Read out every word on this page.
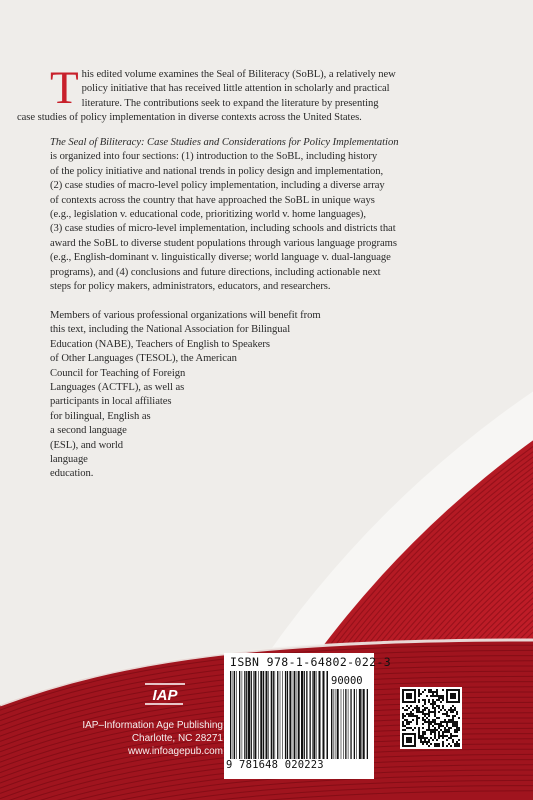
T his edited volume examines the Seal of Biliteracy (SoBL), a relatively new
policy initiative that has received little attention in scholarly and practical
literature. The contributions seek to expand the literature by presenting
case studies of policy implementation in diverse contexts across the United States.

The Seal of Biliteracy: Case Studies and Considerations for Policy Implementation
is organized into four sections: (1) introduction to the SoBL, including history
of the policy initiative and national trends in policy design and implementation,
(2) case studies of macro-level policy implementation, including a diverse array
of contexts across the country that have approached the SoBL in unique ways
(e.g., legislation v. educational code, prioritizing world v. home languages),
(3) case studies of micro-level implementation, including schools and districts that
award the SoBL to diverse student populations through various language programs
(e.g., English-dominant v. linguistically diverse; world language v. dual-language
programs), and (4) conclusions and future directions, including actionable next
steps for policy makers, administrators, educators, and researchers.

Members of various professional organizations will benefit from
this text, including the National Association for Bilingual
Education (NABE), Teachers of English to Speakers
of Other Languages (TESOL), the American
Council for Teaching of Foreign
Languages (ACTFL), as well as
participants in local affiliates
for bilingual, English as
a second language
(ESL), and world
language
education.

IAP
IAP–Information Age Publishing
Charlotte, NC 28271
www.infoagepub.com
ISBN 978-1-64802-022-3
90000
9 781648 020223
